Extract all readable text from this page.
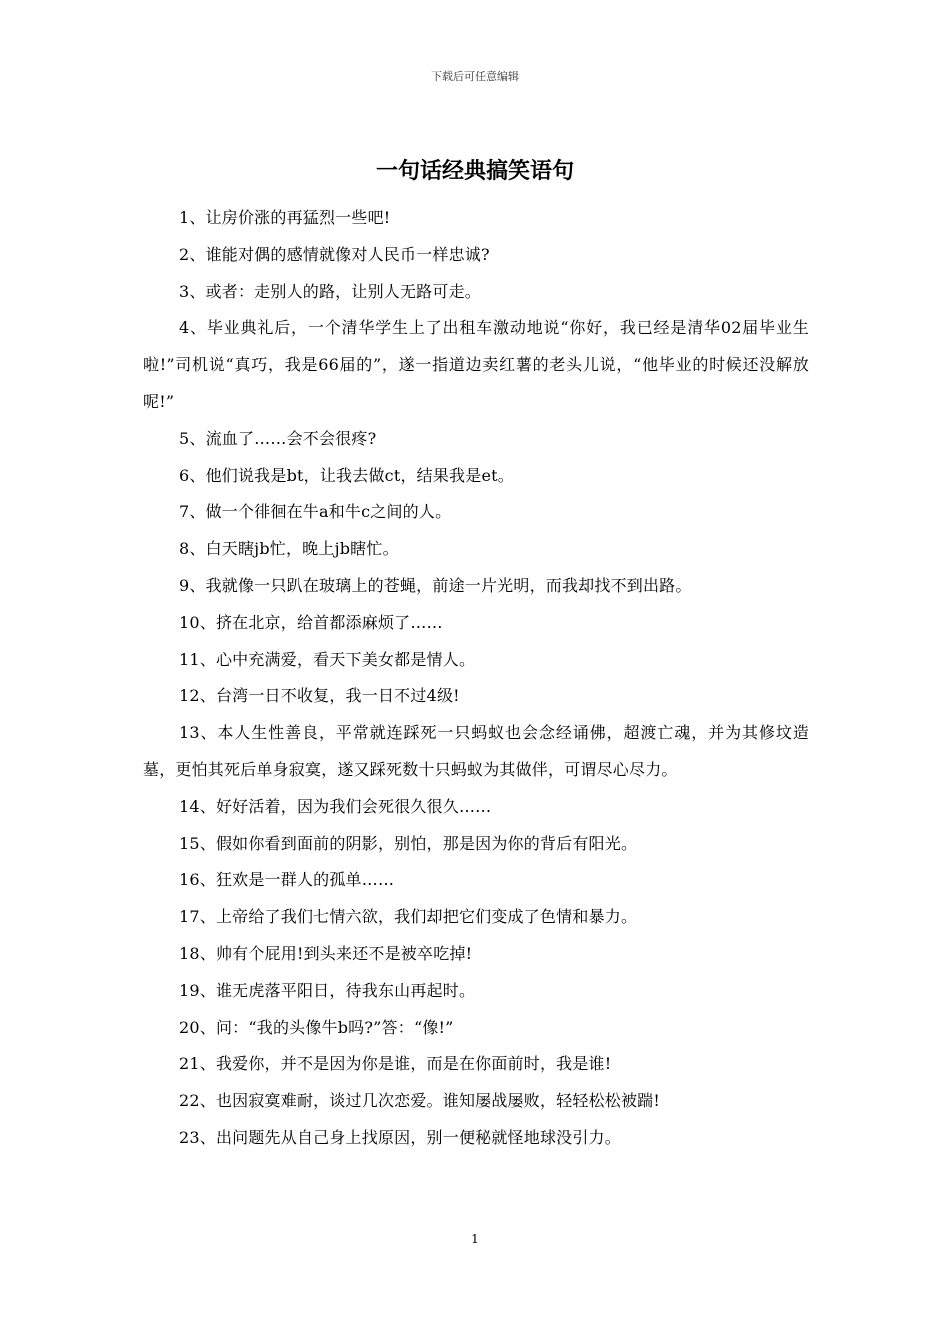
下载后可任意编辑
一句话经典搞笑语句

1、让房价涨的再猛烈一些吧!

2、谁能对偶的感情就像对人民币一样忠诚?

3、或者：走别人的路，让别人无路可走。

4、毕业典礼后，一个清华学生上了出租车激动地说“你好，我已经是清华02届毕业生啦!”司机说“真巧，我是66届的”，遂一指道边卖红薯的老头儿说，“他毕业的时候还没解放呢!”

5、流血了……会不会很疼?

6、他们说我是bt，让我去做ct，结果我是et。

7、做一个徘徊在牛a和牛c之间的人。

8、白天瞎jb忙，晚上jb瞎忙。

9、我就像一只趴在玻璃上的苍蝇，前途一片光明，而我却找不到出路。

10、挤在北京，给首都添麻烦了……

11、心中充满爱，看天下美女都是情人。

12、台湾一日不收复，我一日不过4级!

13、本人生性善良，平常就连踩死一只蚂蚁也会念经诵佛，超渡亡魂，并为其修坟造墓，更怕其死后单身寂寞，遂又踩死数十只蚂蚁为其做伴，可谓尽心尽力。

14、好好活着，因为我们会死很久很久……

15、假如你看到面前的阴影，别怕，那是因为你的背后有阳光。

16、狂欢是一群人的孤单……

17、上帝给了我们七情六欲，我们却把它们变成了色情和暴力。

18、帅有个屁用!到头来还不是被卒吃掉!

19、谁无虎落平阳日，待我东山再起时。

20、问：“我的头像牛b吗?”答：“像!”

21、我爱你，并不是因为你是谁，而是在你面前时，我是谁!

22、也因寂寞难耐，谈过几次恋爱。谁知屡战屡败，轻轻松松被踹!

23、出问题先从自己身上找原因，别一便秘就怪地球没引力。

1
